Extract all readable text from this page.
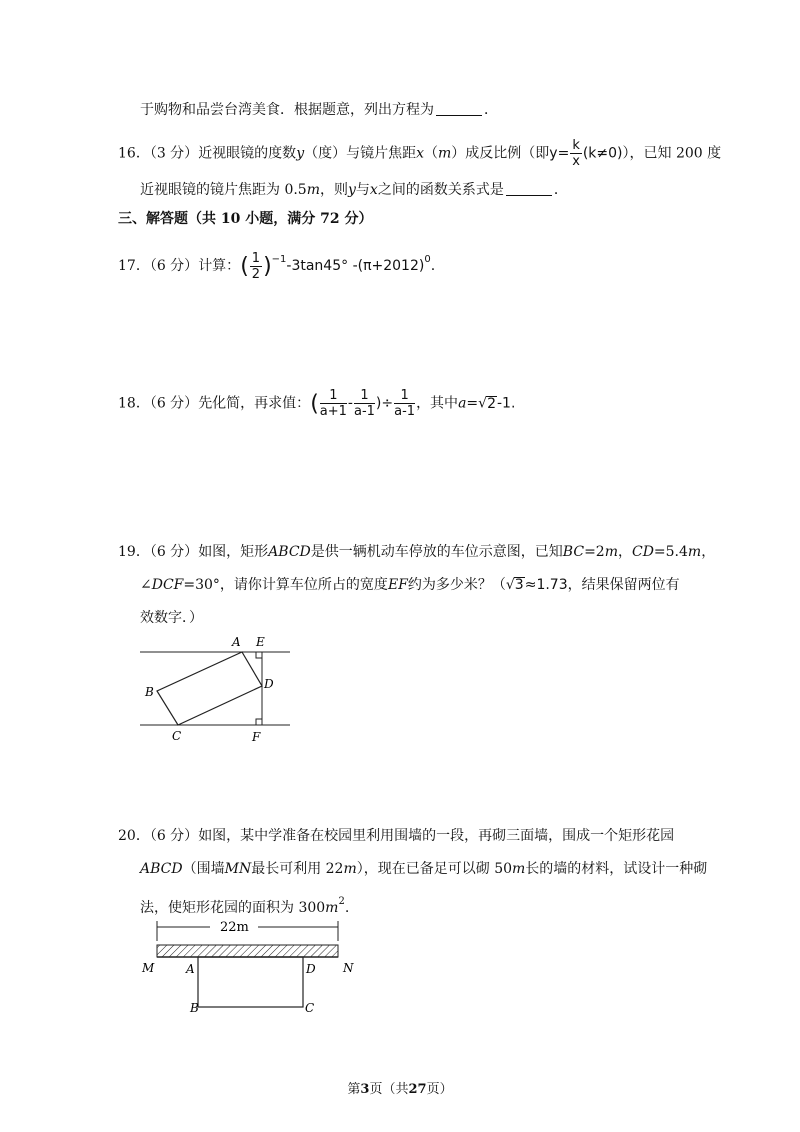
于购物和品尝台湾美食．根据题意，列出方程为	．
16．（3 分）近视眼镜的度数y（度）与镜片焦距x（m）成反比例（即$y= \frac{k}{x} (k\ne 0)$），已知 200 度
近视眼镜的镜片焦距为 0.5m，则y与x之间的函数关系式是	．
三、解答题（共 10 小题，满分 72 分）
17．（6 分）计算：( $\frac{1}{2} )^{-1}-3\tan 45^\circ$ $-(\pi+2012)^0$.
18．（6 分）先化简，再求值：( $\frac{1}{a+1} - \frac{1}{a-1}$ )÷ $\frac{1}{a-1}$ ，其中a=√2-1.
19．（6 分）如图，矩形ABCD是供一辆机动车停放的车位示意图，已知BC=2m，CD=5.4m，
∠DCF=30°，请你计算车位所占的宽度EF约为多少米？（√3≈1.73，结果保留两位有
效数字．）
A E
B
D
C	F
20．（6 分）如图，某中学准备在校园里利用围墙的一段，再砌三面墙，围成一个矩形花园
ABCD（围墙MN最长可利用 22m），现在已备足可以砌 50m长的墙的材料，试设计一种砌
法，使矩形花园的面积为 $300m^2$.
22m
M	N
A	D
B	C
第3页（共27页）
